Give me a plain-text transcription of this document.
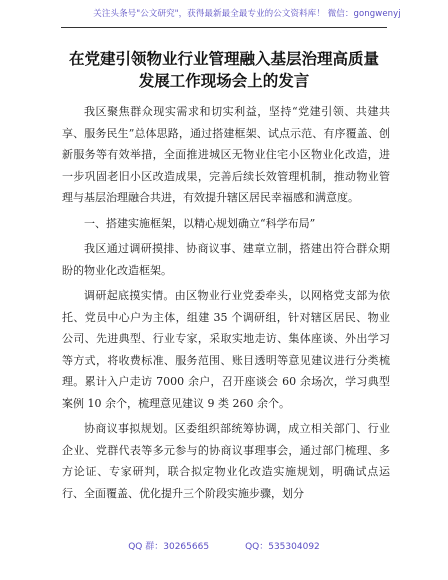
关注头条号"公文研究"，获得最新最全最专业的公文资料库！ 微信：gongwenyj
在党建引领物业行业管理融入基层治理高质量
发展工作现场会上的发言

我区聚焦群众现实需求和切实利益，坚持“党建引领、共建共享、服务民生”总体思路，通过搭建框架、试点示范、有序覆盖、创新服务等有效举措，全面推进城区无物业住宅小区物业化改造，进一步巩固老旧小区改造成果，完善后续长效管理机制，推动物业管理与基层治理融合共进，有效提升辖区居民幸福感和满意度。

一、搭建实施框架，以精心规划确立“科学布局”

我区通过调研摸排、协商议事、建章立制，搭建出符合群众期盼的物业化改造框架。

调研起底摸实情。由区物业行业党委牵头，以网格党支部为依托、党员中心户为主体，组建 35 个调研组，针对辖区居民、物业公司、先进典型、行业专家，采取实地走访、集体座谈、外出学习等方式，将收费标准、服务范围、账目透明等意见建议进行分类梳理。累计入户走访 7000 余户，召开座谈会 60 余场次，学习典型案例 10 余个，梳理意见建议 9 类 260 余个。

协商议事拟规划。区委组织部统筹协调，成立相关部门、行业企业、党群代表等多元参与的协商议事理事会，通过部门梳理、多方论证、专家研判，联合拟定物业化改造实施规划，明确试点运行、全面覆盖、优化提升三个阶段实施步骤，划分

QQ 群：30265665	QQ：535304092
